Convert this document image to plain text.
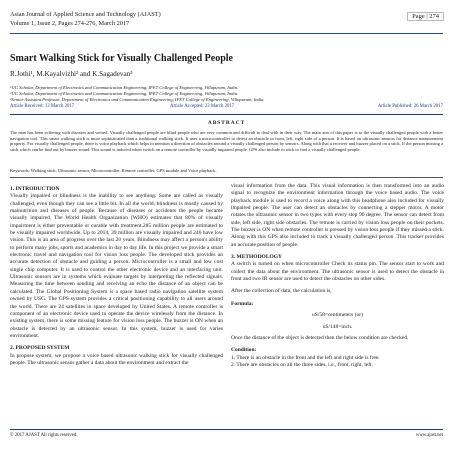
Asian Journal of Applied Science and Technology (AJAST)
Volume 1, Issue 2, Pages 274-276, March 2017
Page | 274
Smart Walking Stick for Visually Challenged People
R.Jothi¹, M.Kayalvizhi² and K.Sagadevan³
¹UG Scholar, Department of Electronics and Communication Engineering, IFET College of Engineering, Villupuram, India.
²UG Scholar, Department of Electronics and Communication Engineering, IFET College of Engineering, Villupuram, India.
³Senior Assistant Professor, Department of Electronics and Communication Engineering, IFET College of Engineering, Villupuram, India.
Article Received: 13 March 2017	Article Accepted: 23 March 2017	Article Published: 26 March 2017
ABSTRACT
The man has been suffering with diseases and weired. Visually challenged people are blind people who are very common and difficult to deal with in their way. The main aim of this paper is to the visually challenged people with a better navigation tool. This smart walking stick is more sophisticated than a traditional walking stick. It uses a microcontroller to detect an obstacle in front, left, right side of a person. It is based on ultrasonic sensors for distance measurement property. For visually challenged people, there is voice playback which helps to mention a direction of obstacles around a visually challenged person by sensors. Along with that a receiver and buzzer placed on a stick. If the person missing a stick which can be find out by buzzer sound. This sound is induced when switch on a remote controller by visually impaired people. GPS also include in stick to find a visually challenged people.
Keywords: Walking stick, Ultrasonic sensor, Microcontroller, Remote controller, GPS module and Voice playback.
1. INTRODUCTION

Visually impaired or blindness is the inability to see anything. Some are called as visually challenged, even though they can see a little bit. In all the world, blindness is mostly caused by malnutrition and diseases of people. Because of diseases or accidents the people became visually impaired. The World Health Organization (WHO) estimates that 80% of visually impairment is either preventable or curable with treatment.285 million people are estimated to be visually impaired worldwide. Up to 2014, 39 million are visually impaired and 246 have low vision. This is an area of progress over the last 20 years. Blindness may affect a person's ability to perform many jobs, sports and academics in day to day life. In this project we provide a smart electronic travel and navigation tool for vision loss people. The developed stick provides an accurate detection of obstacle and guiding a person. Microcontroller is a small and low cost single chip computer. It is used to control the other electronic device and an interfacing unit. Ultrasonic sensors are in systems which evaluate targets by interpreting the reflected signals. Measuring the time between sending and receiving an echo the distance of an object can be calculated. The Global Positioning System is a space based radio navigation satellite system owned by USG. The GPS system provides a critical positioning capability to all users around the world. There are 24 satellites in space developed by United States. A remote controller is component of an electronic device used to operate the device wirelessly from the distance. In existing system, there is some missing feature for vision loss people. The buzzer is ON when an obstacle is detected by an ultrasonic sensor. In this system, buzzer is used for varies environment.

2. PROPOSED SYSTEM

In propose system, we propose a voice based ultrasonic walking stick for visually challenged people. The ultrasonic sensor gather a data about the environment and extract the

visual information from the data. This visual information is then transformed into an audio signal to recognize the environment information through the voice based audio. The voice playback module is used to record a voice along with this headphone also included for visually impaired people. The user can detect an obstacles by connecting a stepper motor. A motor rotates the ultrasonic sensor in two types with every step 90 degree. The sensor can detect front side, left side, right side obstacles. The remote is carried by vision loss people on their pockets. The buzzer is ON when remote controller is pressed by vision loss people if they missed a stick. Along with this GPS also included to track a visually challenged person .This tracker provides an accurate position of people.

3. METHODOLOGY

A switch is turned on when microcontroller Check its status pin. The sensor start to work and collect the data about the environment. The ultrasonic sensor is used to detect the obstacle in front and two IR sensor are used to detect the obstacles on other sides.

After the collection of data, the calculation is,

Formula:
uS/58=centimeters (or)
uS/148=inch.

Once the distance of the object is detected then the below condition are checked.

Condition:
1. There is an obstacle in the front and the left and right side is free.
2. There are obstacles on all the three sides. i.e., front, right, left.
© 2017 AJAST All rights reserved.	www.ajast.net
